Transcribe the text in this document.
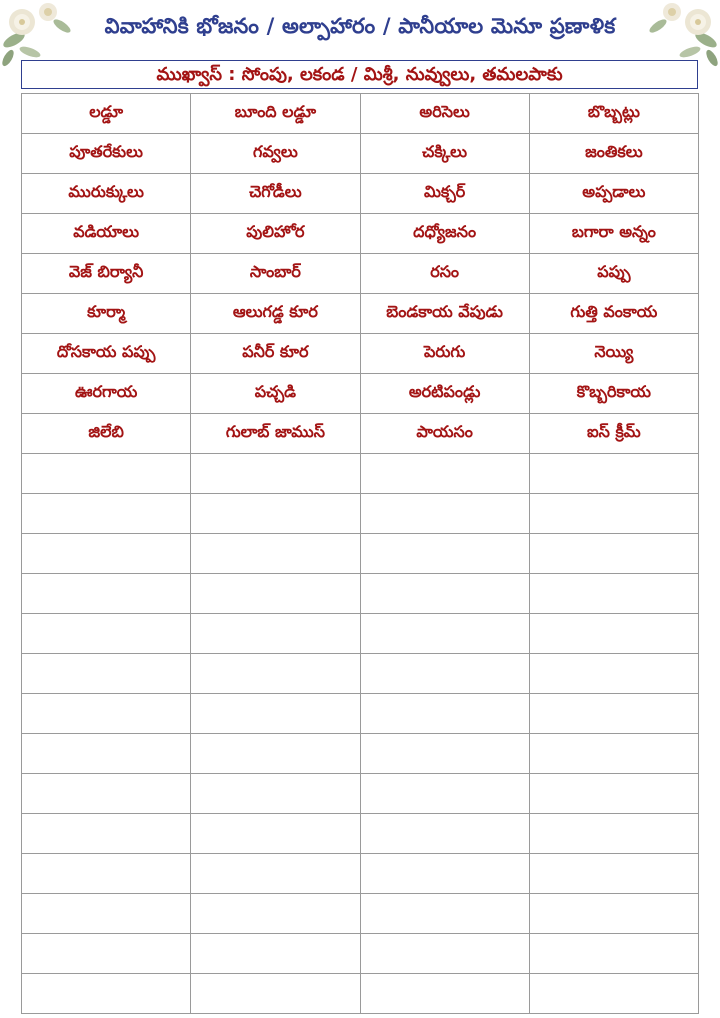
వివాహానికి భోజనం / అల్పాహారం / పానీయాల మెనూ ప్రణాళిక
ముఖ్వాస్ : సోంపు, లకండ / మిశ్రీ, నువ్వులు, తమలపాకు
లడ్డూ	బూంది లడ్డూ	అరిసెలు	బొబ్బట్లు
పూతరేకులు	గవ్వలు	చక్కిలు	జంతికలు
మురుక్కులు	చెగోడీలు	మిక్చర్	అప్పడాలు
వడియాలు	పులిహోర	దధ్యోజనం	బగారా అన్నం
వెజ్ బిర్యానీ	సాంబార్	రసం	పప్పు
కూర్మా	ఆలుగడ్డ కూర	బెండకాయ వేపుడు	గుత్తి వంకాయ
దోసకాయ పప్పు	పనీర్ కూర	పెరుగు	నెయ్యి
ఊరగాయ	పచ్చడి	అరటిపండ్లు	కొబ్బరికాయ
జిలేబి	గులాబ్ జాముస్	పాయసం	ఐస్ క్రీమ్
